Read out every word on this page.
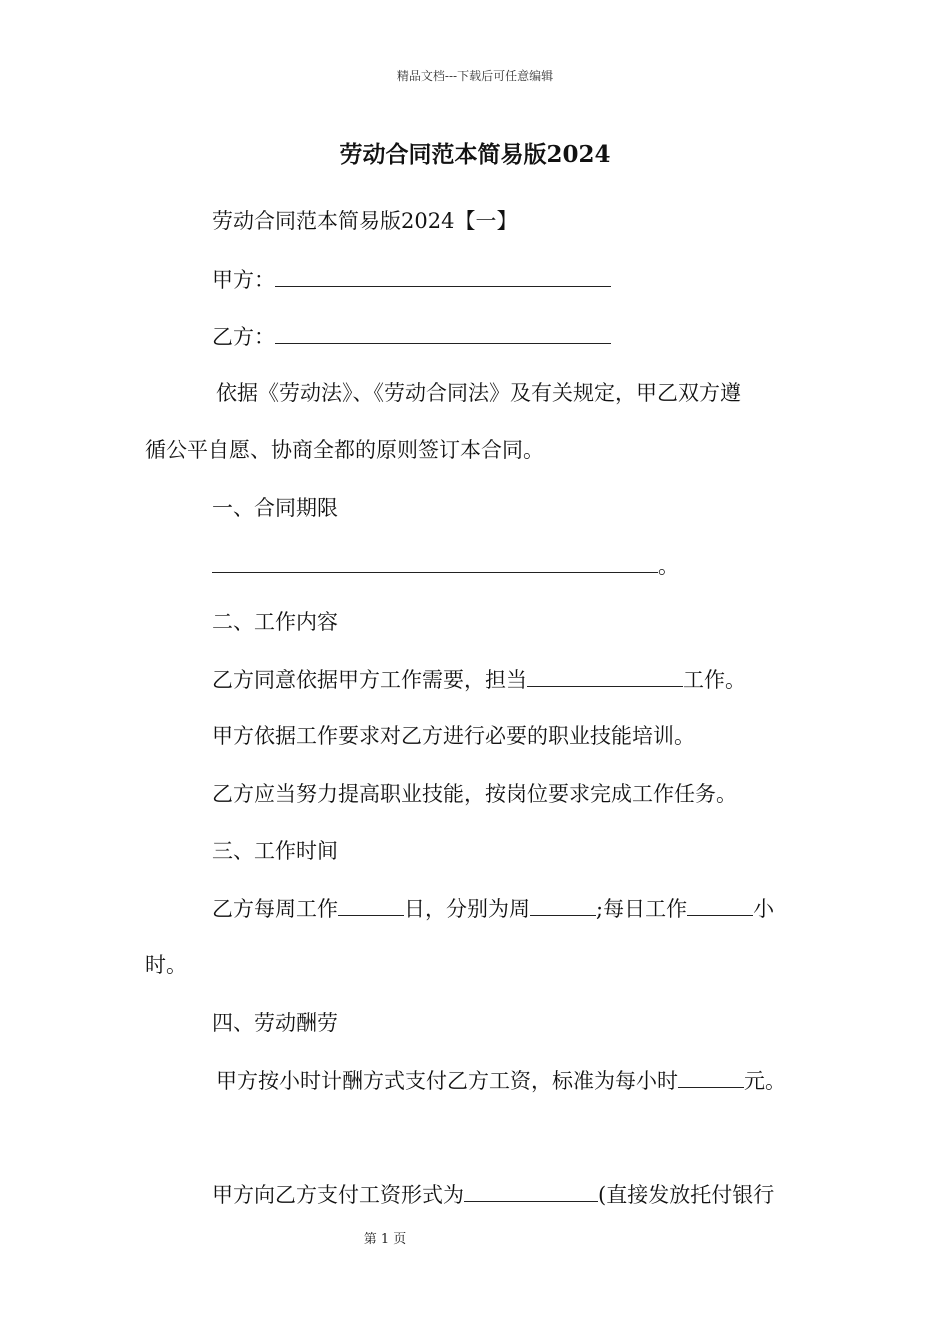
精品文档---下载后可任意编辑
劳动合同范本简易版2024
劳动合同范本简易版2024【一】
甲方：
乙方：
依据《劳动法》、《劳动合同法》及有关规定，甲乙双方遵
循公平自愿、协商全都的原则签订本合同。
一、合同期限
。
二、工作内容
乙方同意依据甲方工作需要，担当	工作。
甲方依据工作要求对乙方进行必要的职业技能培训。
乙方应当努力提高职业技能，按岗位要求完成工作任务。
三、工作时间
乙方每周工作	日，分别为周	;每日工作	小
时。
四、劳动酬劳
甲方按小时计酬方式支付乙方工资，标准为每小时	元。
甲方向乙方支付工资形式为	(直接发放托付银行
第 1 页
